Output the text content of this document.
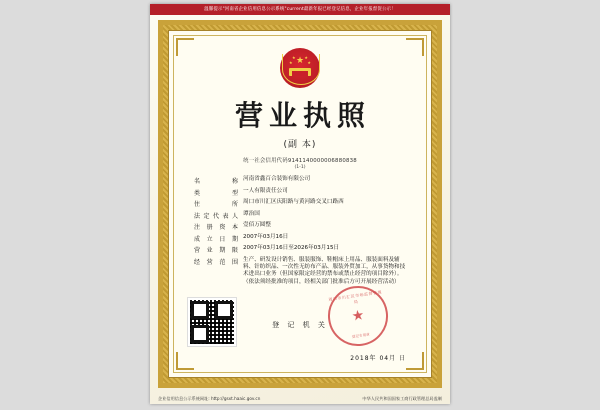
温馨提示"河南省企业信用信息公示系统"current最新年报已经登记信息，企业年报督促公示！
★
★
★
★
★
营业执照
(副 本)
统一社会信用代码9141140000006880838
(1-1)
名　称 河南省鑫百合装饰有限公司
类　型 一人有限责任公司
住　所 周口市川汇区庆阳路与黄河路交叉口路西
法定代表人 谭治国
注册资本 壹佰万圆整
成立日期 2007年03月16日
营业期限 2007年03月16日至2026年03月15日
经营范围 生产、研发设计销售、服装服饰、鞋帽床上用品、服装面料及辅料、针纺织品、一次性无纺布产品、服装外贸加工，从事货物和技术进出口业务（但国家限定经营的禁布或禁止经营的项目除外）。（依法须经批准的项目，经相关部门批准后方可开展经营活动）
登 记 机 关
周口市川汇区市场监督管理局
★
登记专用章
2018年 04月 日
企业信用信息公示系统网址: http://gsxt.haaic.gov.cn	中华人民共和国国家工商行政管理总局监制
